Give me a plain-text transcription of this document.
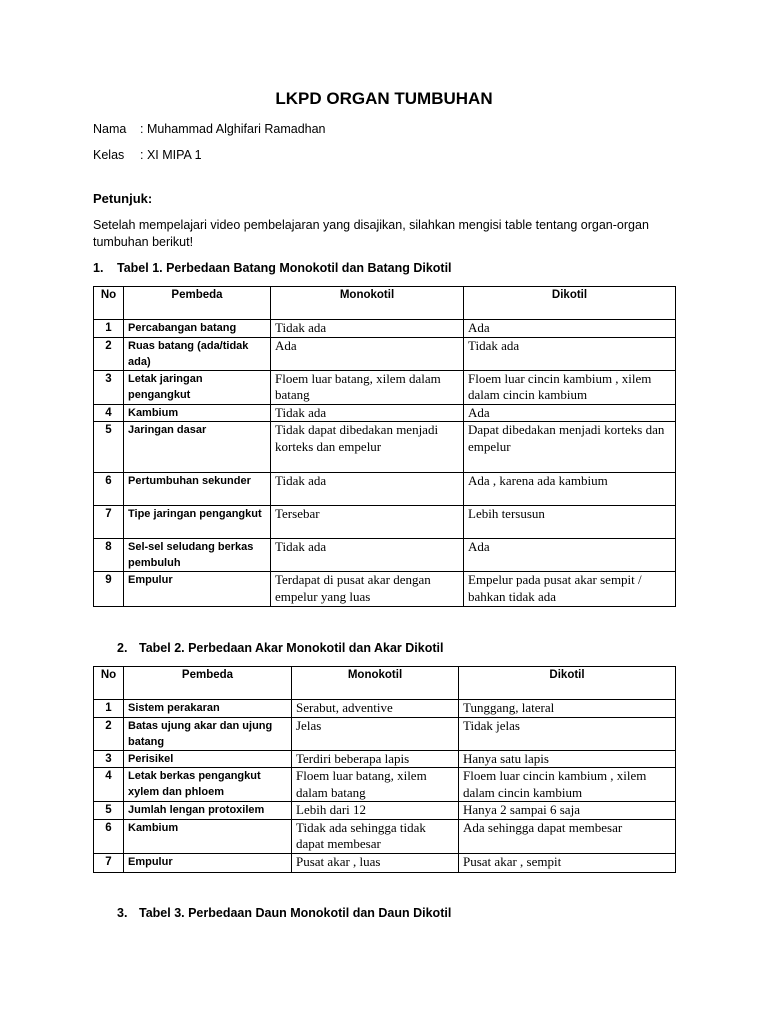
LKPD ORGAN TUMBUHAN
Nama : Muhammad Alghifari Ramadhan
Kelas : XI MIPA 1
Petunjuk:
Setelah mempelajari video pembelajaran yang disajikan, silahkan mengisi table tentang organ-organ tumbuhan berikut!
1. Tabel 1. Perbedaan Batang Monokotil dan Batang Dikotil
No	Pembeda	Monokotil	Dikotil
1	Percabangan batang	Tidak ada	Ada
2	Ruas batang (ada/tidak ada)	Ada	Tidak ada
3	Letak jaringan pengangkut	Floem luar batang, xilem dalam batang	Floem luar cincin kambium , xilem dalam cincin kambium
4	Kambium	Tidak ada	Ada
5	Jaringan dasar	Tidak dapat dibedakan menjadi korteks dan empelur	Dapat dibedakan menjadi korteks dan empelur
6	Pertumbuhan sekunder	Tidak ada	Ada , karena ada kambium
7	Tipe jaringan pengangkut	Tersebar	Lebih tersusun
8	Sel-sel seludang berkas pembuluh	Tidak ada	Ada
9	Empulur	Terdapat di pusat akar dengan empelur yang luas	Empelur pada pusat akar sempit / bahkan tidak ada
2. Tabel 2. Perbedaan Akar Monokotil dan Akar Dikotil
No	Pembeda	Monokotil	Dikotil
1	Sistem perakaran	Serabut, adventive	Tunggang, lateral
2	Batas ujung akar dan ujung batang	Jelas	Tidak jelas
3	Perisikel	Terdiri beberapa lapis	Hanya satu lapis
4	Letak berkas pengangkut xylem dan phloem	Floem luar batang, xilem dalam batang	Floem luar cincin kambium , xilem dalam cincin kambium
5	Jumlah lengan protoxilem	Lebih dari 12	Hanya 2 sampai 6 saja
6	Kambium	Tidak ada sehingga tidak dapat membesar	Ada sehingga dapat membesar
7	Empulur	Pusat akar , luas	Pusat akar , sempit
3. Tabel 3. Perbedaan Daun Monokotil dan Daun Dikotil
